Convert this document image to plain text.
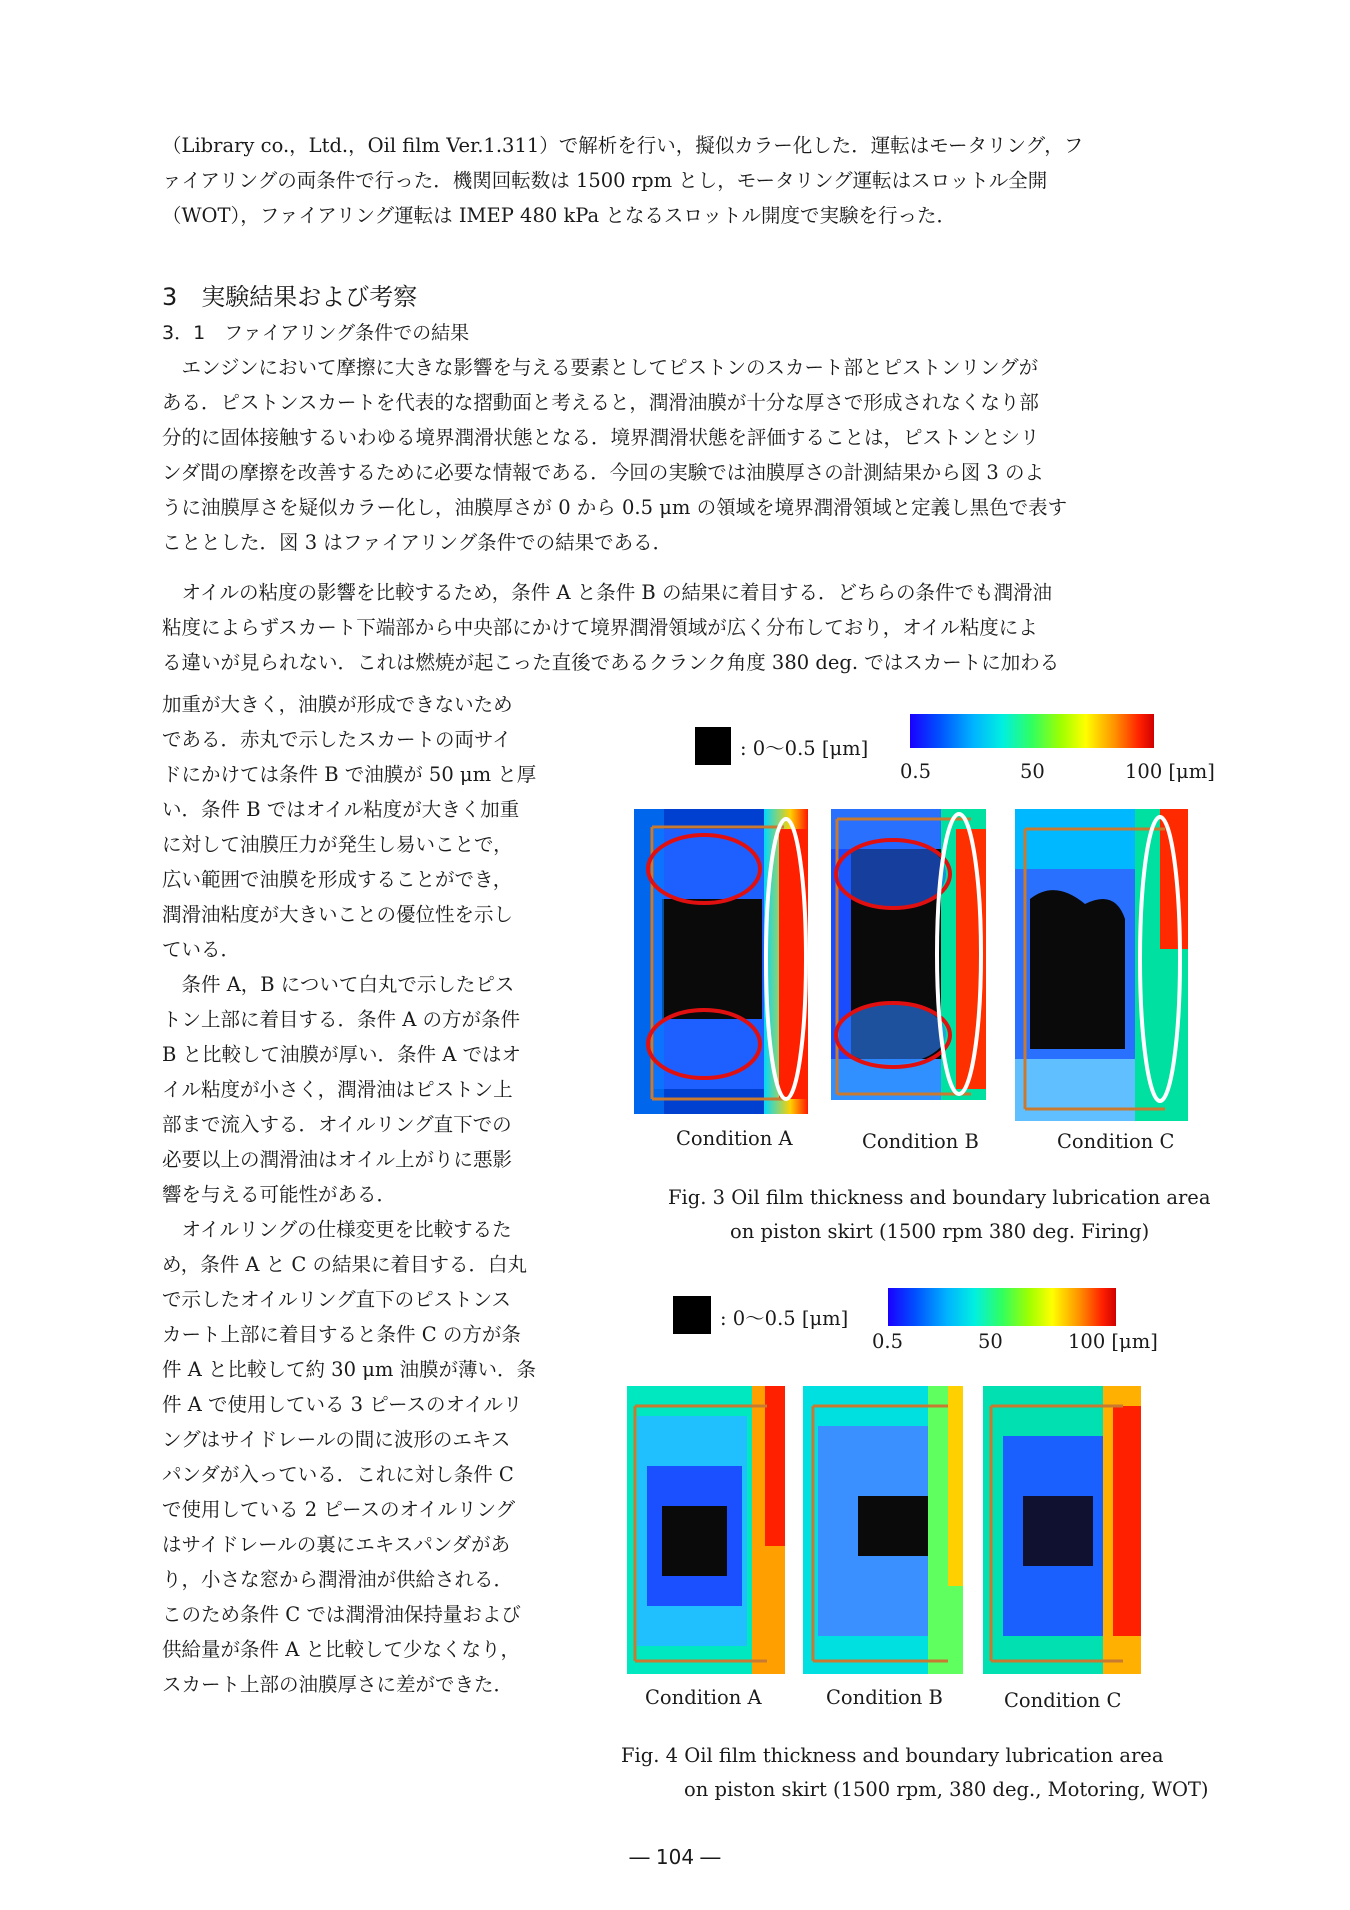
（Library co.，Ltd.，Oil film Ver.1.311）で解析を行い，擬似カラー化した．運転はモータリング，フ
ァイアリングの両条件で行った．機関回転数は 1500 rpm とし，モータリング運転はスロットル全開
（WOT），ファイアリング運転は IMEP 480 kPa となるスロットル開度で実験を行った．
3　実験結果および考察
3．1　ファイアリング条件での結果
　エンジンにおいて摩擦に大きな影響を与える要素としてピストンのスカート部とピストンリングが
ある．ピストンスカートを代表的な摺動面と考えると，潤滑油膜が十分な厚さで形成されなくなり部
分的に固体接触するいわゆる境界潤滑状態となる．境界潤滑状態を評価することは，ピストンとシリ
ンダ間の摩擦を改善するために必要な情報である．今回の実験では油膜厚さの計測結果から図 3 のよ
うに油膜厚さを疑似カラー化し，油膜厚さが 0 から 0.5 μm の領域を境界潤滑領域と定義し黒色で表す
こととした．図 3 はファイアリング条件での結果である．
　オイルの粘度の影響を比較するため，条件 A と条件 B の結果に着目する．どちらの条件でも潤滑油
粘度によらずスカート下端部から中央部にかけて境界潤滑領域が広く分布しており，オイル粘度によ
る違いが見られない．これは燃焼が起こった直後であるクランク角度 380 deg. ではスカートに加わる
加重が大きく，油膜が形成できないため
である．赤丸で示したスカートの両サイ
ドにかけては条件 B で油膜が 50 μm と厚
い．条件 B ではオイル粘度が大きく加重
に対して油膜圧力が発生し易いことで，
広い範囲で油膜を形成することができ，
潤滑油粘度が大きいことの優位性を示し
ている．
　条件 A，B について白丸で示したピス
トン上部に着目する．条件 A の方が条件
B と比較して油膜が厚い．条件 A ではオ
イル粘度が小さく，潤滑油はピストン上
部まで流入する．オイルリング直下での
必要以上の潤滑油はオイル上がりに悪影
響を与える可能性がある．
　オイルリングの仕様変更を比較するた
め，条件 A と C の結果に着目する．白丸
で示したオイルリング直下のピストンス
カート上部に着目すると条件 C の方が条
件 A と比較して約 30 μm 油膜が薄い．条
件 A で使用している 3 ピースのオイルリ
ングはサイドレールの間に波形のエキス
パンダが入っている．これに対し条件 C
で使用している 2 ピースのオイルリング
はサイドレールの裏にエキスパンダがあ
り，小さな窓から潤滑油が供給される．
このため条件 C では潤滑油保持量および
供給量が条件 A と比較して少なくなり，
スカート上部の油膜厚さに差ができた．
: 0～0.5 [μm]
0.5	50	100 [μm]
Condition A	Condition B	Condition C
Fig. 3 Oil film thickness and boundary lubrication area
on piston skirt (1500 rpm 380 deg. Firing)
: 0～0.5 [μm]
0.5	50	100 [μm]
Condition A	Condition B	Condition C
Fig. 4 Oil film thickness and boundary lubrication area
on piston skirt (1500 rpm, 380 deg., Motoring, WOT)
― 104 ―
